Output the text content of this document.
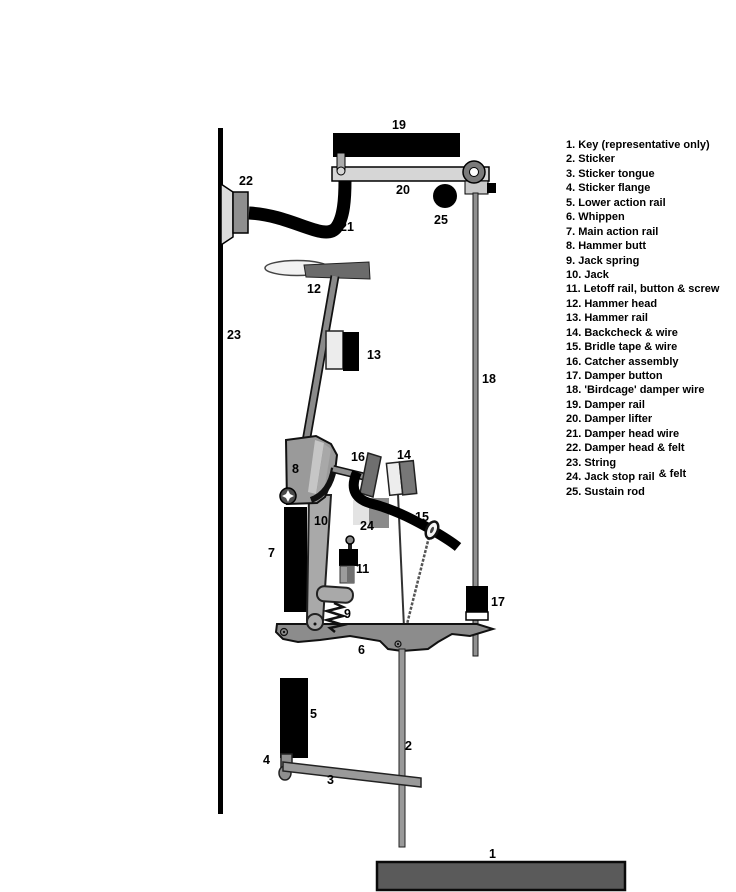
1
2
3
4
5
6
7
8
9
10
11
12
13
14
15
16
17
18
19
20
21
22
23
24
25
1. Key (representative only)
2. Sticker
3. Sticker tongue
4. Sticker flange
5. Lower action rail
6. Whippen
7. Main action rail
8. Hammer butt
9. Jack spring
10. Jack
11. Letoff rail, button & screw
12. Hammer head
13. Hammer rail
14. Backcheck & wire
15. Bridle tape & wire
16. Catcher assembly
17. Damper button
18. 'Birdcage' damper wire
19. Damper rail
20. Damper lifter
21. Damper head wire
22. Damper head & felt
23. String
24. Jack stop rail & felt
25. Sustain rod
